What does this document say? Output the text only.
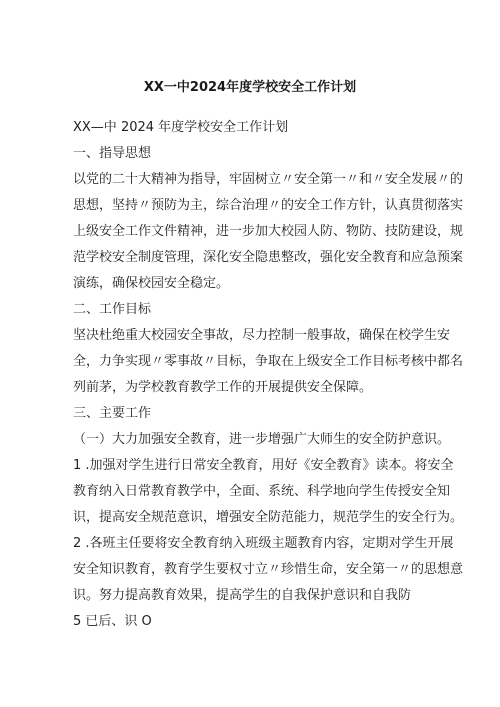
XX一中2024年度学校安全工作计划
XX—中 2024 年度学校安全工作计划
一、指导思想
以党的二十大精神为指导，牢固树立〃安全第一〃和〃安全发展〃的
思想，坚持〃预防为主，综合治理〃的安全工作方针，认真贯彻落实
上级安全工作文件精神，进一步加大校园人防、物防、技防建设，规
范学校安全制度管理，深化安全隐患整改，强化安全教育和应急预案
演练，确保校园安全稳定。
二、工作目标
坚决杜绝重大校园安全事故，尽力控制一般事故，确保在校学生安
全，力争实现〃零事故〃目标，争取在上级安全工作目标考核中都名
列前茅，为学校教育教学工作的开展提供安全保障。
三、主要工作
（一）大力加强安全教育，进一步增强广大师生的安全防护意识。
1 .加强对学生进行日常安全教育，用好《安全教育》读本。将安全
教育纳入日常教育教学中，全面、系统、科学地向学生传授安全知
识，提高安全规范意识，增强安全防范能力，规范学生的安全行为。
2 .各班主任要将安全教育纳入班级主题教育内容，定期对学生开展
安全知识教育，教育学生要权寸立〃珍惜生命，安全第一〃的思想意
识。努力提高教育效果，提高学生的自我保护意识和自我防
5 已后、识 O
